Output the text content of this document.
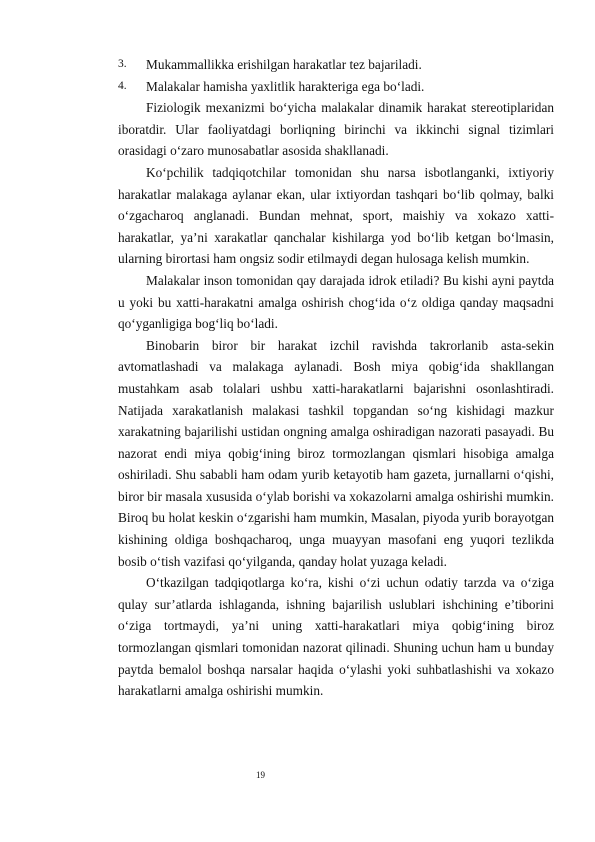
3. Mukammallikka erishilgan harakatlar tez bajariladi.

4. Malakalar hamisha yaxlitlik harakteriga ega bo‘ladi.

Fiziologik mexanizmi bo‘yicha malakalar dinamik harakat stereotiplaridan iboratdir. Ular faoliyatdagi borliqning birinchi va ikkinchi signal tizimlari orasidagi o‘zaro munosabatlar asosida shakllanadi.

Ko‘pchilik tadqiqotchilar tomonidan shu narsa isbotlanganki, ixtiyoriy harakatlar malakaga aylanar ekan, ular ixtiyordan tashqari bo‘lib qolmay, balki o‘zgacharoq anglanadi. Bundan mehnat, sport, maishiy va xokazo xatti-harakatlar, ya’ni xarakatlar qanchalar kishilarga yod bo‘lib ketgan bo‘lmasin, ularning birortasi ham ongsiz sodir etilmaydi degan hulosaga kelish mumkin.

Malakalar inson tomonidan qay darajada idrok etiladi? Bu kishi ayni paytda u yoki bu xatti-harakatni amalga oshirish chog‘ida o‘z oldiga qanday maqsadni qo‘yganligiga bog‘liq bo‘ladi.

Binobarin biror bir harakat izchil ravishda takrorlanib asta-sekin avtomatlashadi va malakaga aylanadi. Bosh miya qobig‘ida shakllangan mustahkam asab tolalari ushbu xatti-harakatlarni bajarishni osonlashtiradi. Natijada xarakatlanish malakasi tashkil topgandan so‘ng kishidagi mazkur xarakatning bajarilishi ustidan ongning amalga oshiradigan nazorati pasayadi. Bu nazorat endi miya qobig‘ining biroz tormozlangan qismlari hisobiga amalga oshiriladi. Shu sababli ham odam yurib ketayotib ham gazeta, jurnallarni o‘qishi, biror bir masala xususida o‘ylab borishi va xokazolarni amalga oshirishi mumkin. Biroq bu holat keskin o‘zgarishi ham mumkin, Masalan, piyoda yurib borayotgan kishining oldiga boshqacharoq, unga muayyan masofani eng yuqori tezlikda bosib o‘tish vazifasi qo‘yilganda, qanday holat yuzaga keladi.

O‘tkazilgan tadqiqotlarga ko‘ra, kishi o‘zi uchun odatiy tarzda va o‘ziga qulay sur’atlarda ishlaganda, ishning bajarilish uslublari ishchining e’tiborini o‘ziga tortmaydi, ya’ni uning xatti-harakatlari miya qobig‘ining biroz tormozlangan qismlari tomonidan nazorat qilinadi. Shuning uchun ham u bunday paytda bemalol boshqa narsalar haqida o‘ylashi yoki suhbatlashishi va xokazo harakatlarni amalga oshirishi mumkin.

19
